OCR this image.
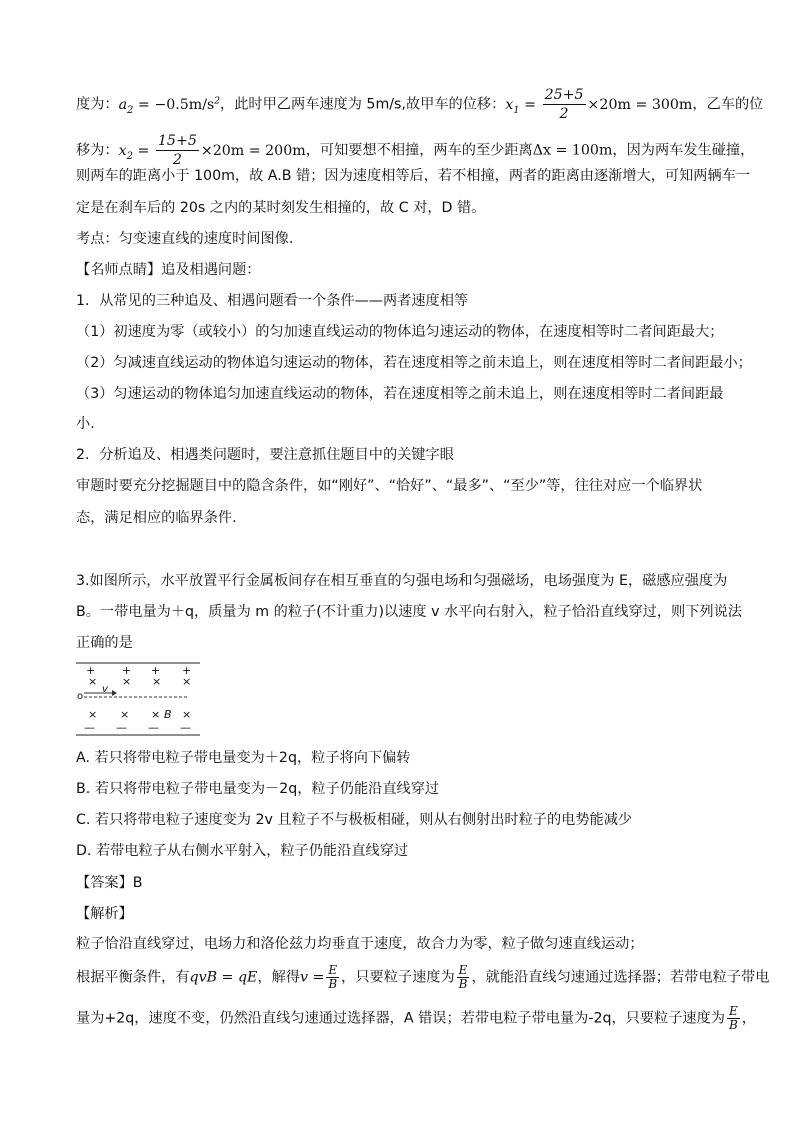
度为：$a_2 = -0.5m/s^2$，此时甲乙两车速度为 5m/s,故甲车的位移：$x_1 = \frac{25+5}{2} \times 20m = 300m$，乙车的位
移为：$x_2 = \frac{15+5}{2} \times 20m = 200m$，可知要想不相撞，两车的至少距离Δx = 100m，因为两车发生碰撞，
则两车的距离小于 100m，故 A.B 错；因为速度相等后，若不相撞，两者的距离由逐渐增大，可知两辆车一
定是在刹车后的 20s 之内的某时刻发生相撞的，故 C 对，D 错。
考点：匀变速直线的速度时间图像.
【名师点睛】追及相遇问题：
1．从常见的三种追及、相遇问题看一个条件——两者速度相等
（1）初速度为零（或较小）的匀加速直线运动的物体追匀速运动的物体，在速度相等时二者间距最大；
（2）匀减速直线运动的物体追匀速运动的物体，若在速度相等之前未追上，则在速度相等时二者间距最小；
（3）匀速运动的物体追匀加速直线运动的物体，若在速度相等之前未追上，则在速度相等时二者间距最
小.
2．分析追及、相遇类问题时，要注意抓住题目中的关键字眼
审题时要充分挖掘题目中的隐含条件，如“刚好”、“恰好”、“最多”、“至少”等，往往对应一个临界状
态，满足相应的临界条件.
3.如图所示，水平放置平行金属板间存在相互垂直的匀强电场和匀强磁场，电场强度为 E，磁感应强度为
B。一带电量为＋q，质量为 m 的粒子(不计重力)以速度 v 水平向右射入，粒子恰沿直线穿过，则下列说法
正确的是
+ + + +
× × × ×
o
v
× × × B ×
— — — —
A. 若只将带电粒子带电量变为＋2q，粒子将向下偏转
B. 若只将带电粒子带电量变为－2q，粒子仍能沿直线穿过
C. 若只将带电粒子速度变为 2v 且粒子不与极板相碰，则从右侧射出时粒子的电势能减少
D. 若带电粒子从右侧水平射入，粒子仍能沿直线穿过
【答案】B
【解析】
粒子恰沿直线穿过，电场力和洛伦兹力均垂直于速度，故合力为零，粒子做匀速直线运动；
根据平衡条件，有qvB = qE，解得$v = \frac{E}{B}$ ，只要粒子速度为 $\frac{E}{B}$ ，就能沿直线匀速通过选择器；若带电粒子带电
量为+2q，速度不变，仍然沿直线匀速通过选择器，A 错误；若带电粒子带电量为-2q，只要粒子速度为 $\frac{E}{B}$ ，
